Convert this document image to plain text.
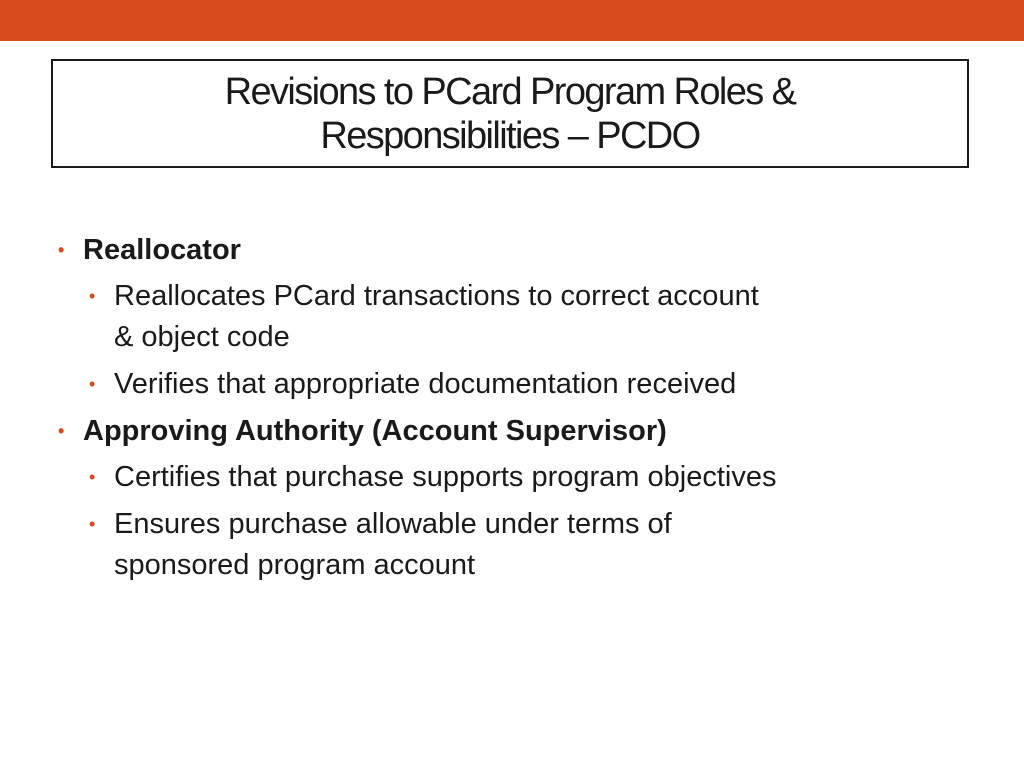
Revisions to PCard Program Roles &
Responsibilities – PCDO
• Reallocator
• Reallocates PCard transactions to correct account
& object code
• Verifies that appropriate documentation received
• Approving Authority (Account Supervisor)
• Certifies that purchase supports program objectives
• Ensures purchase allowable under terms of
sponsored program account
